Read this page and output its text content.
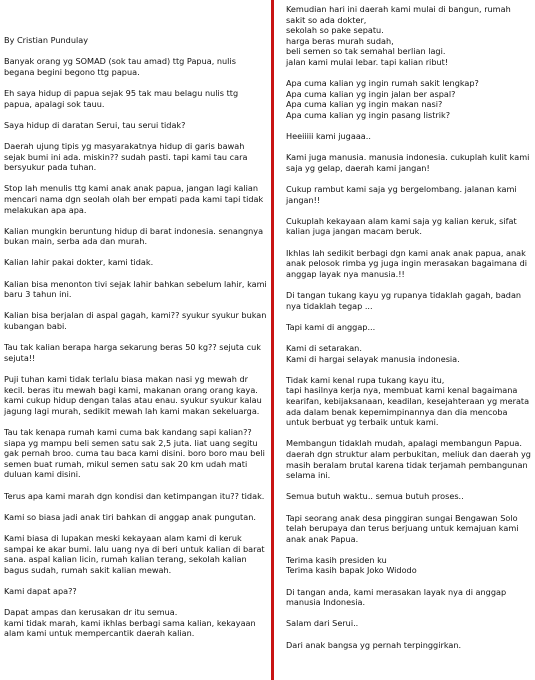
By Cristian Pundulay

Banyak orang yg SOMAD (sok tau amad) ttg Papua, nulis begana begini begono ttg papua.

Eh saya hidup di papua sejak 95 tak mau belagu nulis ttg papua, apalagi sok tauu.

Saya hidup di daratan Serui, tau serui tidak?

Daerah ujung tipis yg masyarakatnya hidup di garis bawah sejak bumi ini ada. miskin?? sudah pasti. tapi kami tau cara bersyukur pada tuhan.

Stop lah menulis ttg kami anak anak papua, jangan lagi kalian mencari nama dgn seolah olah ber empati pada kami tapi tidak melakukan apa apa.

Kalian mungkin beruntung hidup di barat indonesia. senangnya bukan main, serba ada dan murah.

Kalian lahir pakai dokter, kami tidak.

Kalian bisa menonton tivi sejak lahir bahkan sebelum lahir, kami baru 3 tahun ini.

Kalian bisa berjalan di aspal gagah, kami?? syukur syukur bukan kubangan babi.

Tau tak kalian berapa harga sekarung beras 50 kg?? sejuta cuk sejuta!!

Puji tuhan kami tidak terlalu biasa makan nasi yg mewah dr kecil. beras itu mewah bagi kami, makanan orang orang kaya. kami cukup hidup dengan talas atau enau. syukur syukur kalau jagung lagi murah, sedikit mewah lah kami makan sekeluarga.

Tau tak kenapa rumah kami cuma bak kandang sapi kalian?? siapa yg mampu beli semen satu sak 2,5 juta. liat uang segitu gak pernah broo. cuma tau baca kami disini. boro boro mau beli semen buat rumah, mikul semen satu sak 20 km udah mati duluan kami disini.

Terus apa kami marah dgn kondisi dan ketimpangan itu?? tidak.

Kami so biasa jadi anak tiri bahkan di anggap anak pungutan.

Kami biasa di lupakan meski kekayaan alam kami di keruk sampai ke akar bumi. lalu uang nya di beri untuk kalian di barat sana. aspal kalian licin, rumah kalian terang, sekolah kalian bagus sudah, rumah sakit kalian mewah.

Kami dapat apa??

Dapat ampas dan kerusakan dr itu semua.
kami tidak marah, kami ikhlas berbagi sama kalian, kekayaan alam kami untuk mempercantik daerah kalian.

Kemudian hari ini daerah kami mulai di bangun, rumah sakit so ada dokter,
sekolah so pake sepatu.
harga beras murah sudah,
beli semen so tak semahal berlian lagi.
jalan kami mulai lebar. tapi kalian ribut!

Apa cuma kalian yg ingin rumah sakit lengkap?
Apa cuma kalian yg ingin jalan ber aspal?
Apa cuma kalian yg ingin makan nasi?
Apa cuma kalian yg ingin pasang listrik?

Heeiiiii kami jugaaa..

Kami juga manusia. manusia indonesia. cukuplah kulit kami saja yg gelap, daerah kami jangan!

Cukup rambut kami saja yg bergelombang. jalanan kami jangan!!

Cukuplah kekayaan alam kami saja yg kalian keruk, sifat kalian juga jangan macam beruk.

Ikhlas lah sedikit berbagi dgn kami anak anak papua, anak anak pelosok rimba yg juga ingin merasakan bagaimana di anggap layak nya manusia.!!

Di tangan tukang kayu yg rupanya tidaklah gagah, badan nya tidaklah tegap ...

Tapi kami di anggap...

Kami di setarakan.
Kami di hargai selayak manusia indonesia.

Tidak kami kenal rupa tukang kayu itu,
tapi hasilnya kerja nya, membuat kami kenal bagaimana kearifan, kebijaksanaan, keadilan, kesejahteraan yg merata ada dalam benak kepemimpinannya dan dia mencoba untuk berbuat yg terbaik untuk kami.

Membangun tidaklah mudah, apalagi membangun Papua. daerah dgn struktur alam perbukitan, meliuk dan daerah yg masih beralam brutal karena tidak terjamah pembangunan selama ini.

Semua butuh waktu.. semua butuh proses..

Tapi seorang anak desa pinggiran sungai Bengawan Solo telah berupaya dan terus berjuang untuk kemajuan kami anak anak Papua.

Terima kasih presiden ku
Terima kasih bapak Joko Widodo

Di tangan anda, kami merasakan layak nya di anggap manusia Indonesia.

Salam dari Serui..

Dari anak bangsa yg pernah terpinggirkan.
